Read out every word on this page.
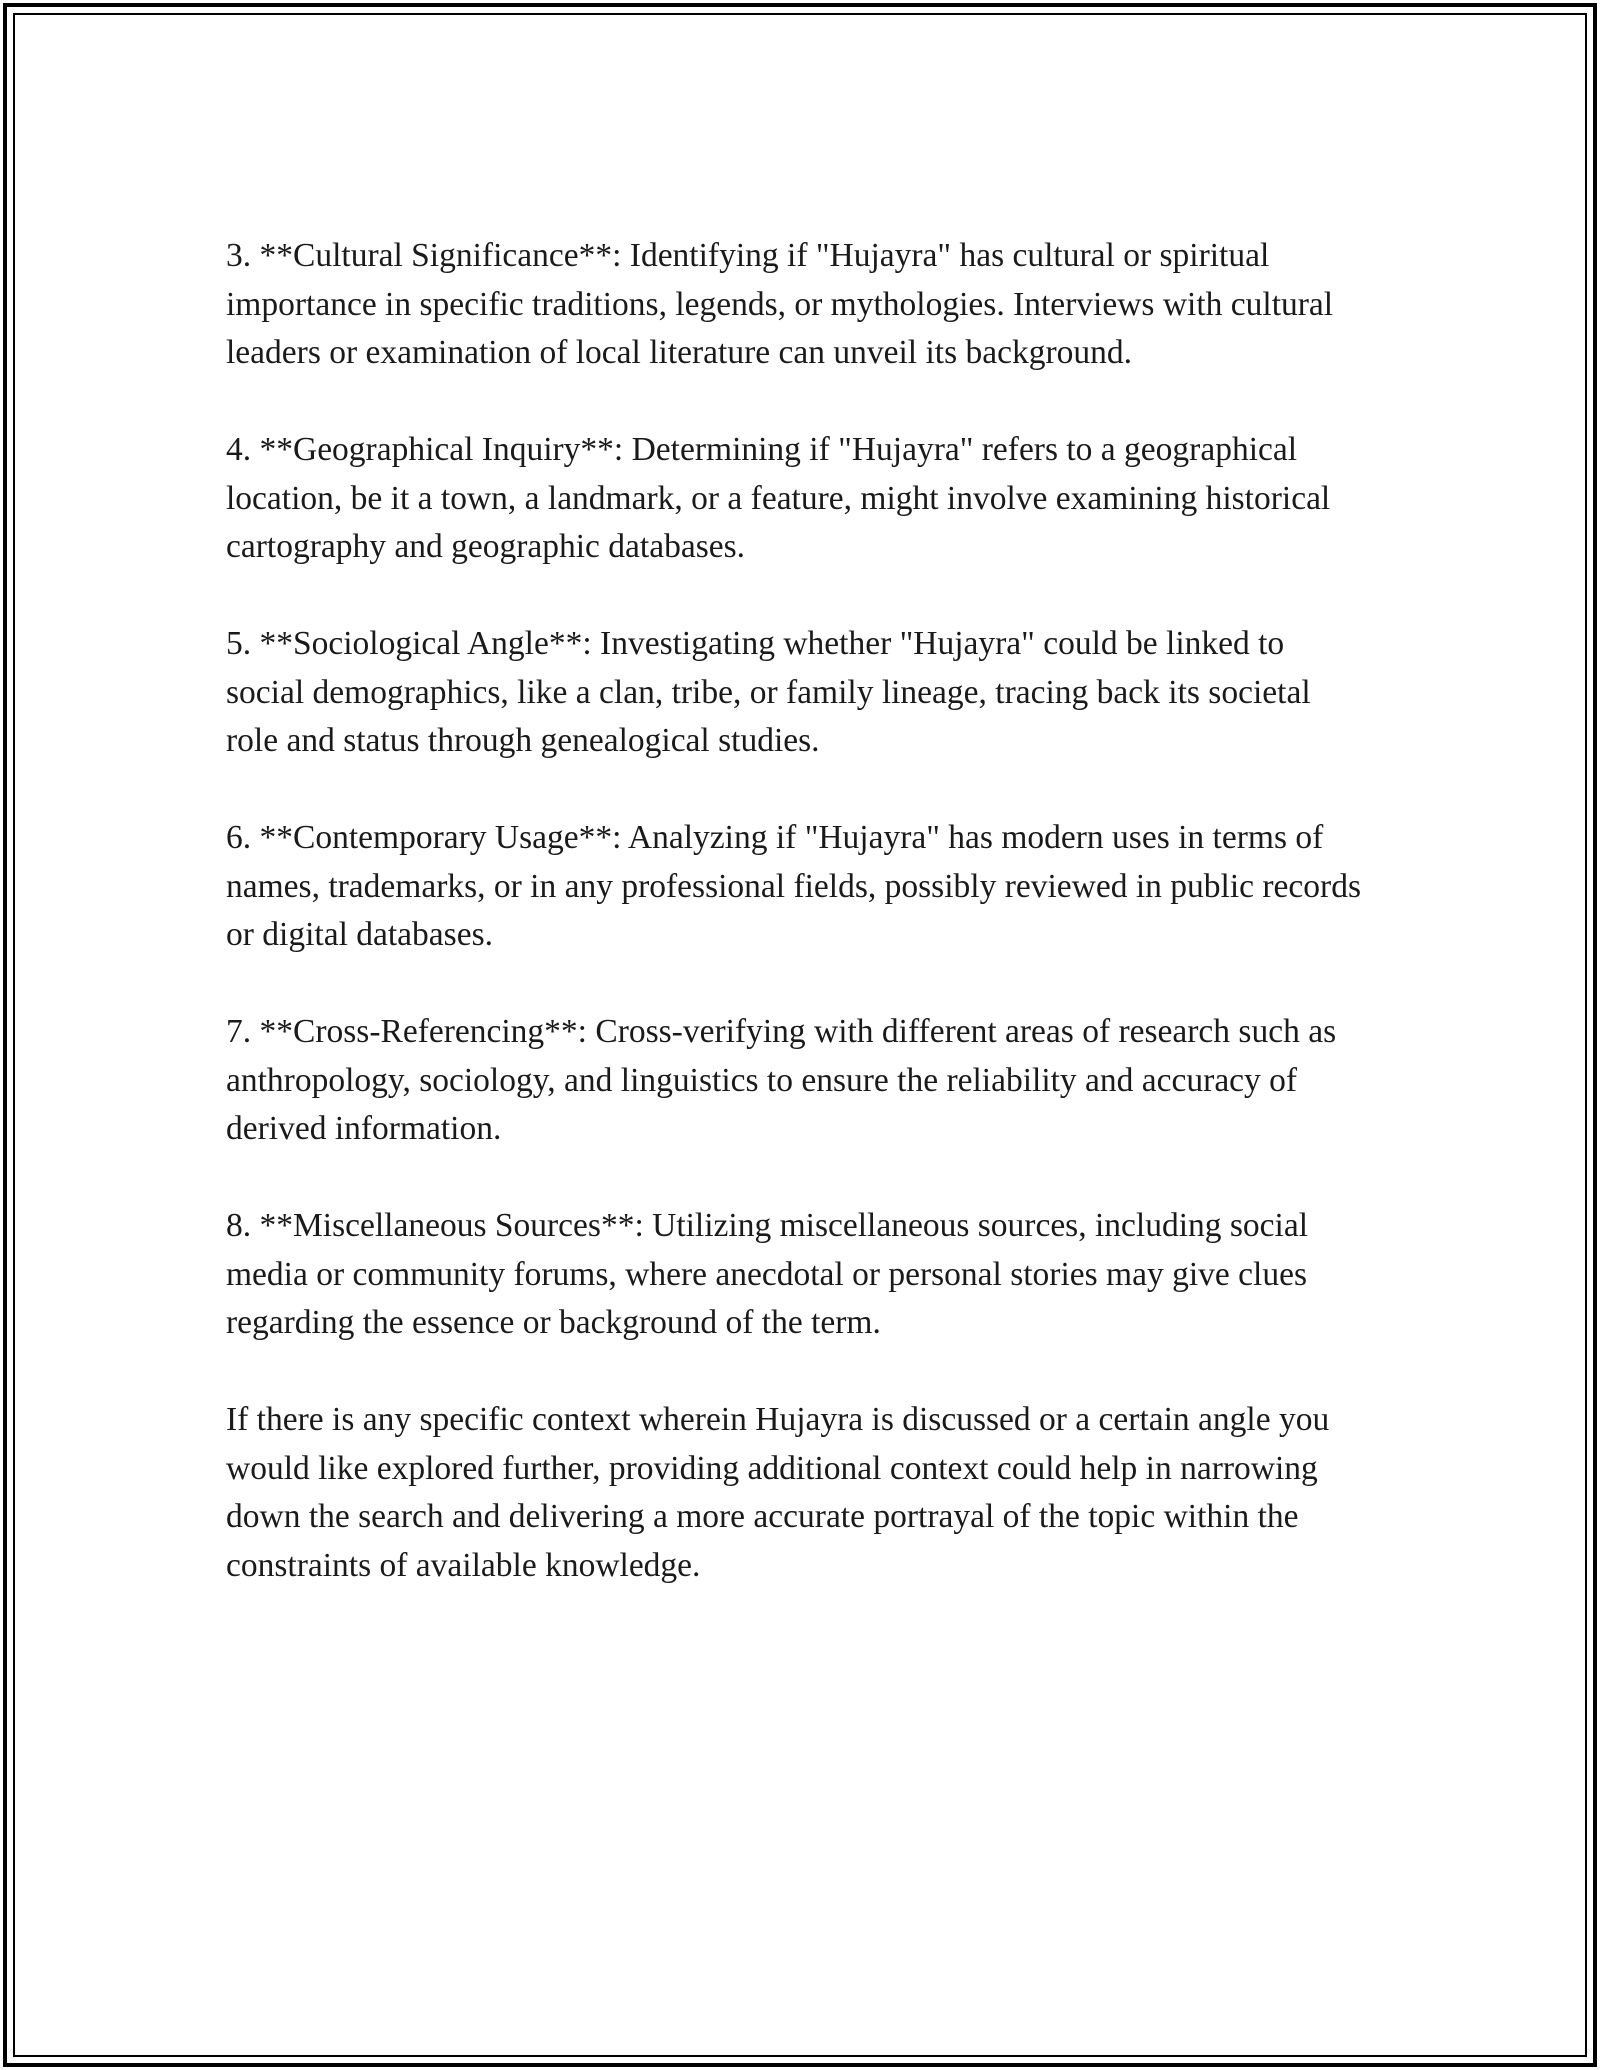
3. **Cultural Significance**: Identifying if "Hujayra" has cultural or spiritual importance in specific traditions, legends, or mythologies. Interviews with cultural leaders or examination of local literature can unveil its background.

4. **Geographical Inquiry**: Determining if "Hujayra" refers to a geographical location, be it a town, a landmark, or a feature, might involve examining historical cartography and geographic databases.

5. **Sociological Angle**: Investigating whether "Hujayra" could be linked to social demographics, like a clan, tribe, or family lineage, tracing back its societal role and status through genealogical studies.

6. **Contemporary Usage**: Analyzing if "Hujayra" has modern uses in terms of names, trademarks, or in any professional fields, possibly reviewed in public records or digital databases.

7. **Cross-Referencing**: Cross-verifying with different areas of research such as anthropology, sociology, and linguistics to ensure the reliability and accuracy of derived information.

8. **Miscellaneous Sources**: Utilizing miscellaneous sources, including social media or community forums, where anecdotal or personal stories may give clues regarding the essence or background of the term.

If there is any specific context wherein Hujayra is discussed or a certain angle you would like explored further, providing additional context could help in narrowing down the search and delivering a more accurate portrayal of the topic within the constraints of available knowledge.
